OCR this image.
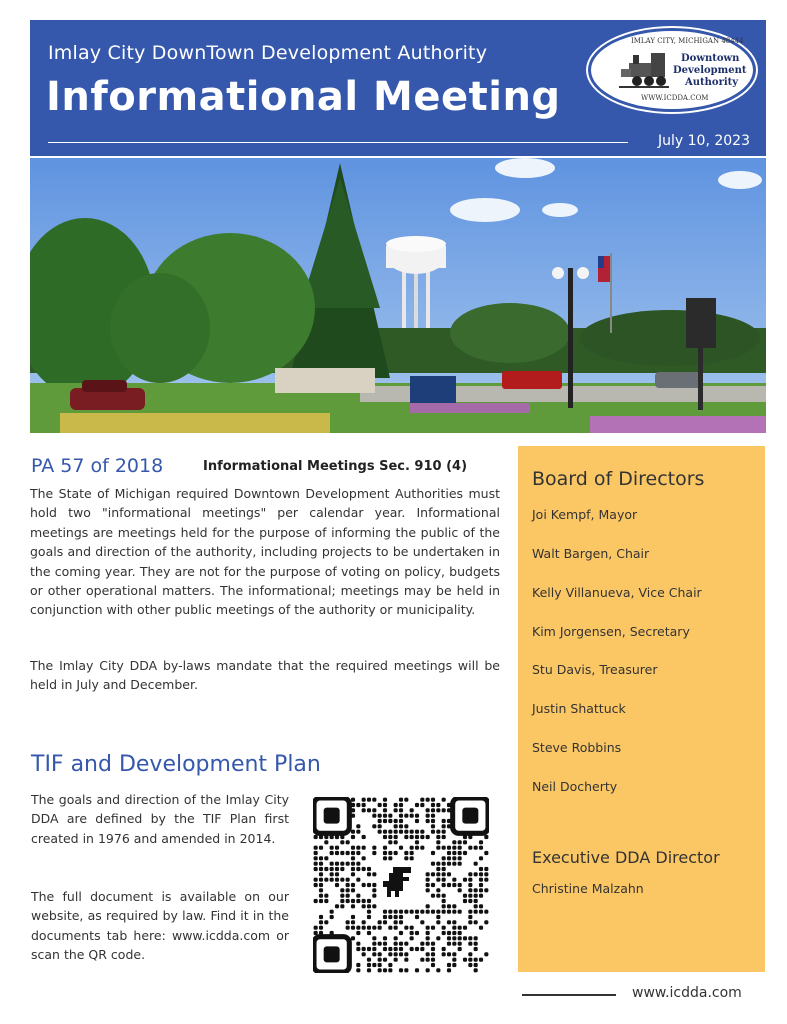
Imlay City DownTown Development Authority
Informational Meeting
July 10, 2023
IMLAY CITY, MICHIGAN 48444
Downtown
Development
Authority
WWW.ICDDA.COM
PA 57 of 2018	Informational Meetings Sec. 910 (4)
The State of Michigan required Downtown Development Authorities must hold two "informational meetings" per calendar year. Informational meetings are meetings held for the purpose of informing the public of the goals and direction of the authority, including projects to be undertaken in the coming year. They are not for the purpose of voting on policy, budgets or other operational matters. The informational; meetings may be held in conjunction with other public meetings of the authority or municipality.
The Imlay City DDA by-laws mandate that the required meetings will be held in July and December.
TIF and Development Plan
The goals and direction of the Imlay City DDA are defined by the TIF Plan first created in 1976 and amended in 2014.
The full document is available on our website, as required by law. Find it in the documents tab here: www.icdda.com or scan the QR code.
Board of Directors
Joi Kempf, Mayor
Walt Bargen, Chair
Kelly Villanueva, Vice Chair
Kim Jorgensen, Secretary
Stu Davis, Treasurer
Justin Shattuck
Steve Robbins
Neil Docherty
Executive DDA Director
Christine Malzahn
www.icdda.com
